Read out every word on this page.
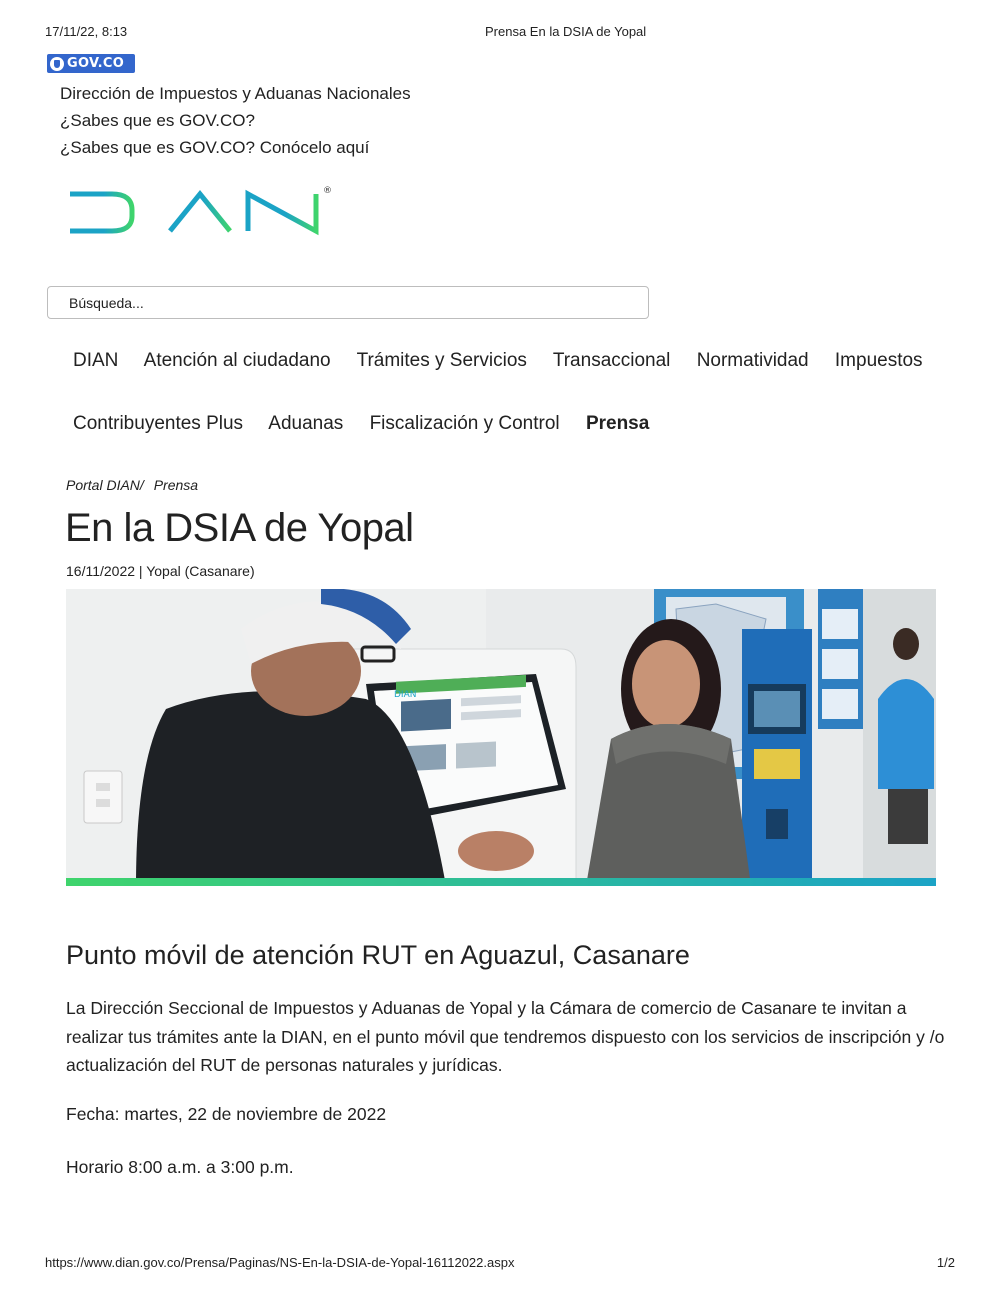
17/11/22, 8:13	Prensa En la DSIA de Yopal
GOV.CO
Dirección de Impuestos y Aduanas Nacionales
¿Sabes que es GOV.CO?
¿Sabes que es GOV.CO? Conócelo aquí
®
Búsqueda...
DIAN Atención al ciudadano Trámites y Servicios Transaccional Normatividad Impuestos
Contribuyentes Plus Aduanas Fiscalización y Control Prensa
Portal DIAN/ Prensa
En la DSIA de Yopal
16/11/2022 | Yopal (Casanare)
DIAN
Punto móvil de atención RUT en Aguazul, Casanare

La Dirección Seccional de Impuestos y Aduanas de Yopal y la Cámara de comercio de Casanare te invitan a realizar tus trámites ante la DIAN, en el punto móvil que tendremos dispuesto con los servicios de inscripción y /o actualización del RUT de personas naturales y jurídicas.

Fecha: martes, 22 de noviembre de 2022

Horario 8:00 a.m. a 3:00 p.m.

https://www.dian.gov.co/Prensa/Paginas/NS-En-la-DSIA-de-Yopal-16112022.aspx	1/2
